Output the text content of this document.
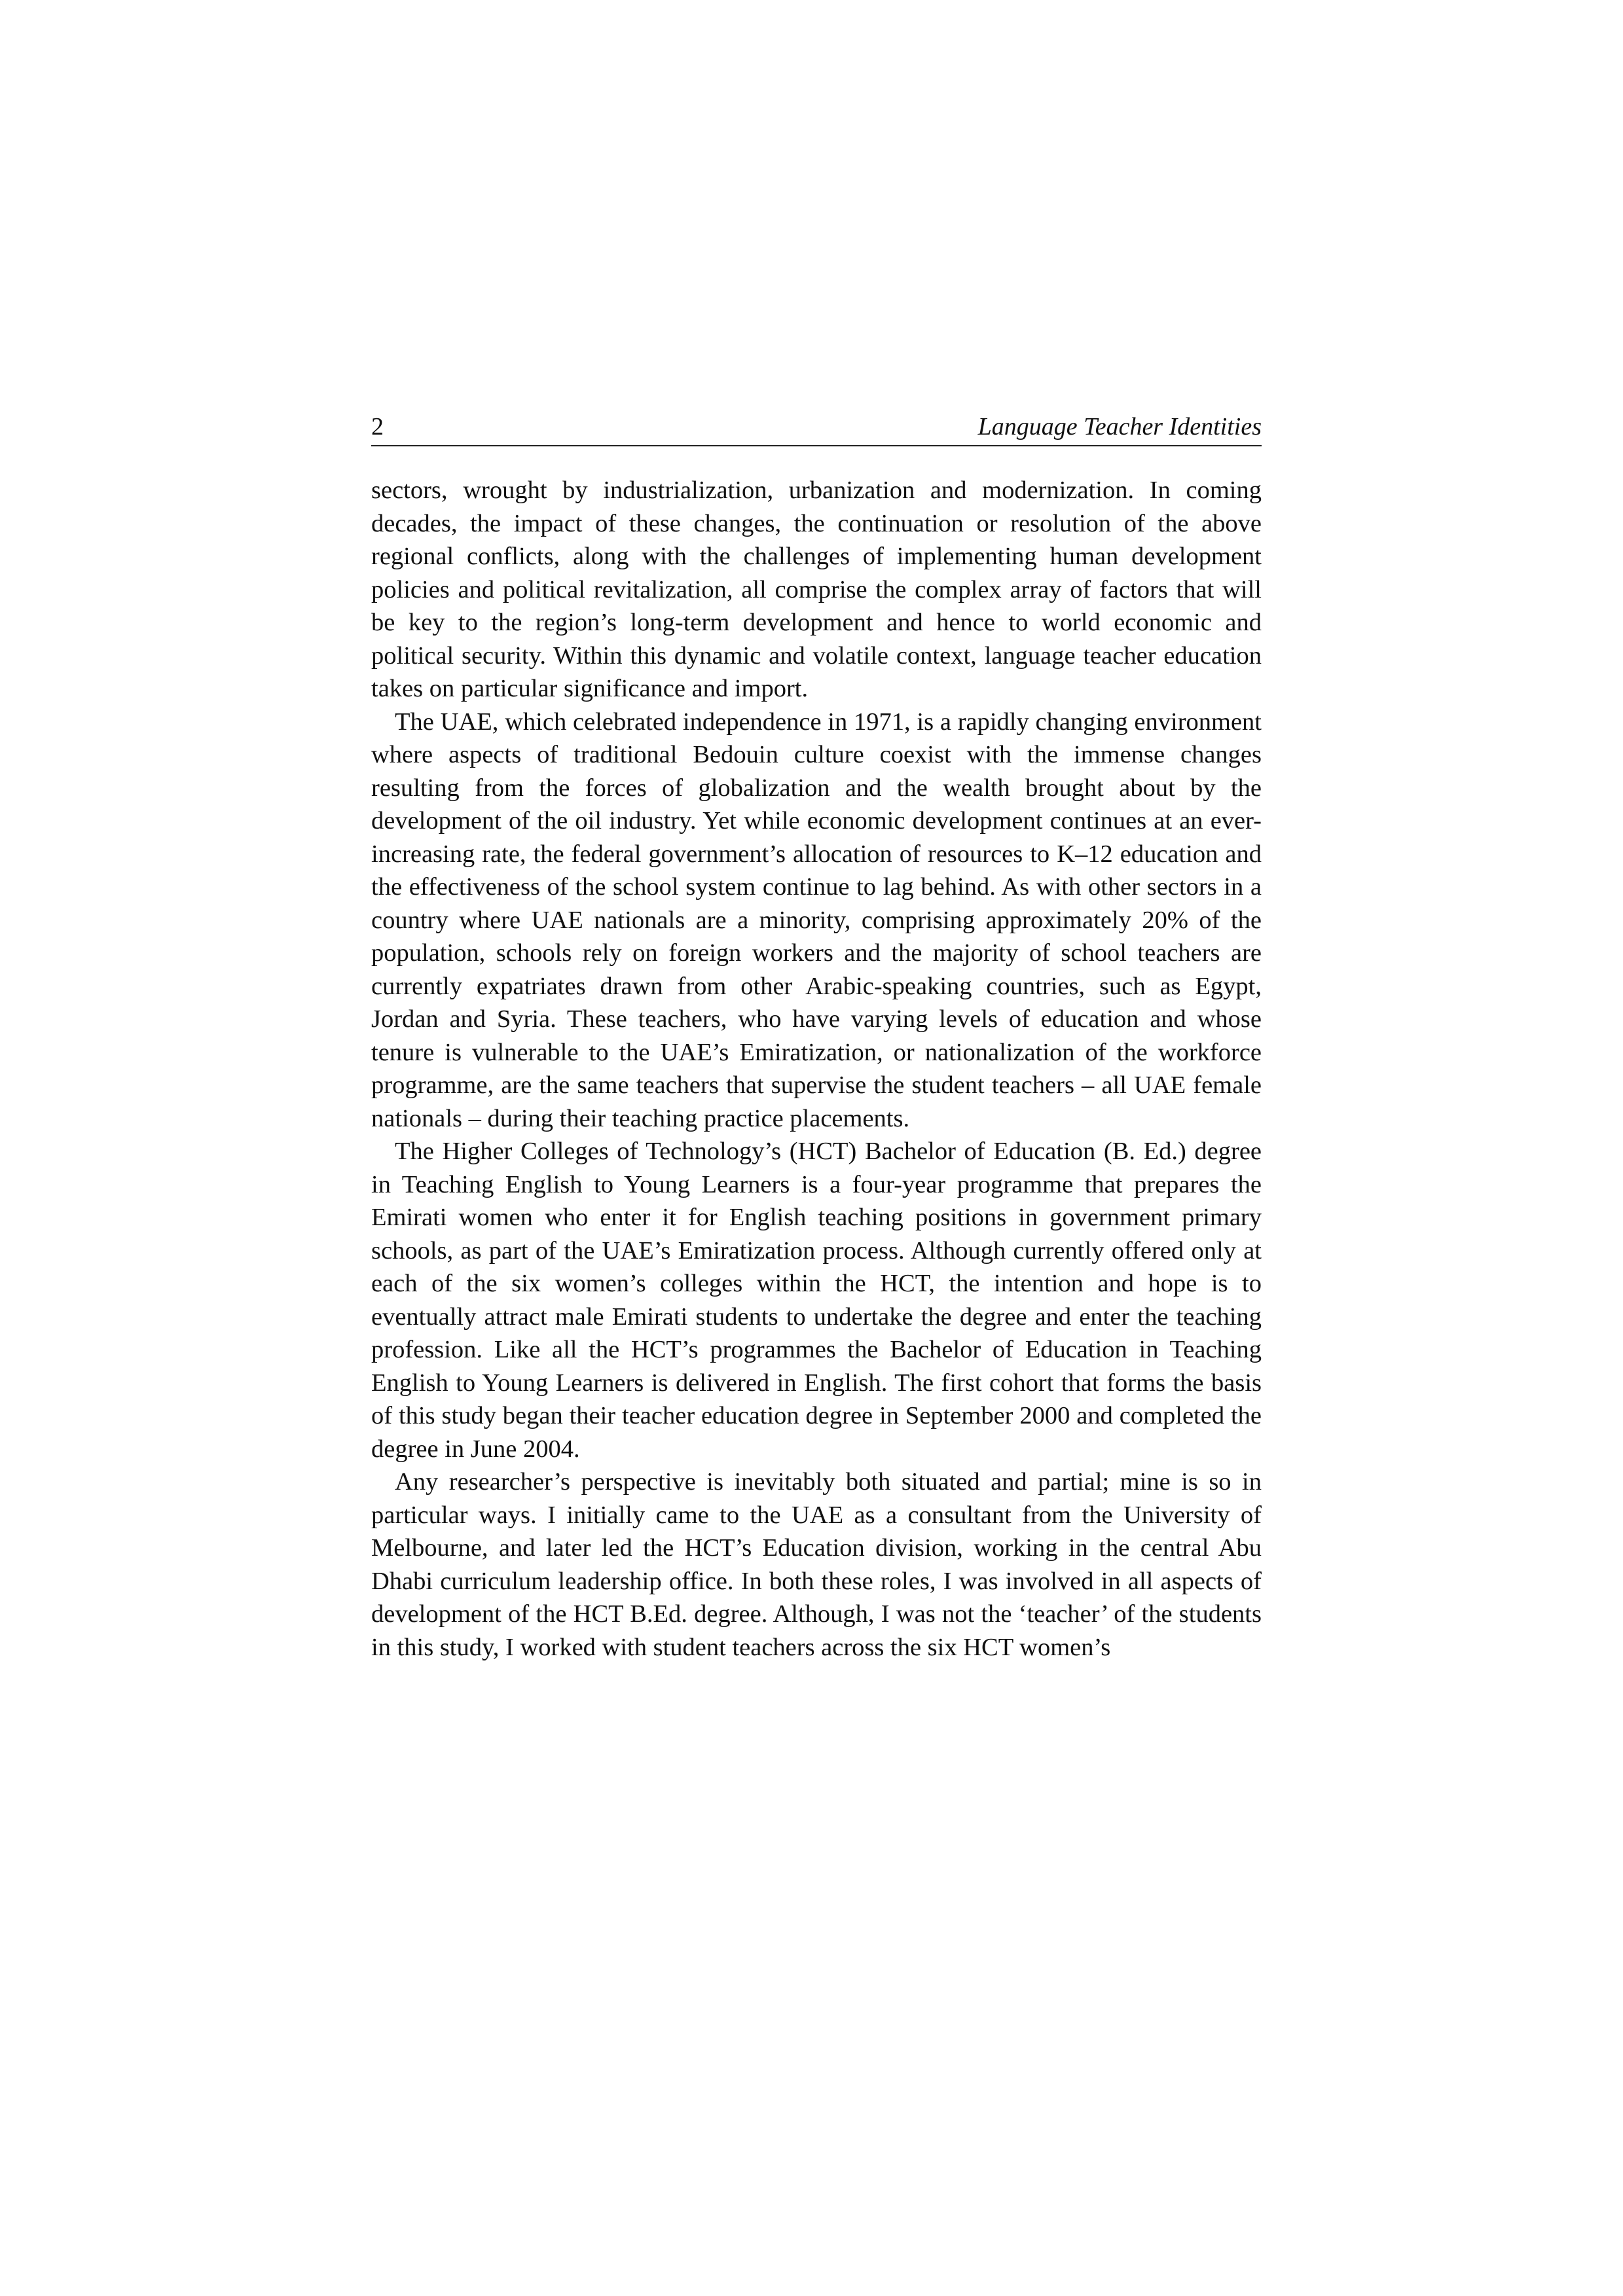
2	Language Teacher Identities

sectors, wrought by industrialization, urbanization and modernization. In coming decades, the impact of these changes, the continuation or resolution of the above regional conflicts, along with the challenges of implementing human development policies and political revitalization, all comprise the complex array of factors that will be key to the region’s long-term development and hence to world economic and political security. Within this dynamic and volatile context, language teacher education takes on particular significance and import.

The UAE, which celebrated independence in 1971, is a rapidly changing environment where aspects of traditional Bedouin culture coexist with the immense changes resulting from the forces of globalization and the wealth brought about by the development of the oil industry. Yet while economic development continues at an ever-increasing rate, the federal government’s allocation of resources to K–12 education and the effectiveness of the school system continue to lag behind. As with other sectors in a country where UAE nationals are a minority, comprising approximately 20% of the population, schools rely on foreign workers and the majority of school teachers are currently expatriates drawn from other Arabic-speaking countries, such as Egypt, Jordan and Syria. These teachers, who have varying levels of education and whose tenure is vulnerable to the UAE’s Emiratization, or nationalization of the workforce programme, are the same teachers that supervise the student teachers – all UAE female nationals – during their teaching practice placements.

The Higher Colleges of Technology’s (HCT) Bachelor of Education (B. Ed.) degree in Teaching English to Young Learners is a four-year programme that prepares the Emirati women who enter it for English teaching positions in government primary schools, as part of the UAE’s Emiratization process. Although currently offered only at each of the six women’s colleges within the HCT, the intention and hope is to eventually attract male Emirati students to undertake the degree and enter the teaching profession. Like all the HCT’s programmes the Bachelor of Education in Teaching English to Young Learners is delivered in English. The first cohort that forms the basis of this study began their teacher education degree in September 2000 and completed the degree in June 2004.

Any researcher’s perspective is inevitably both situated and partial; mine is so in particular ways. I initially came to the UAE as a consultant from the University of Melbourne, and later led the HCT’s Education division, working in the central Abu Dhabi curriculum leadership office. In both these roles, I was involved in all aspects of development of the HCT B.Ed. degree. Although, I was not the ‘teacher’ of the students in this study, I worked with student teachers across the six HCT women’s
